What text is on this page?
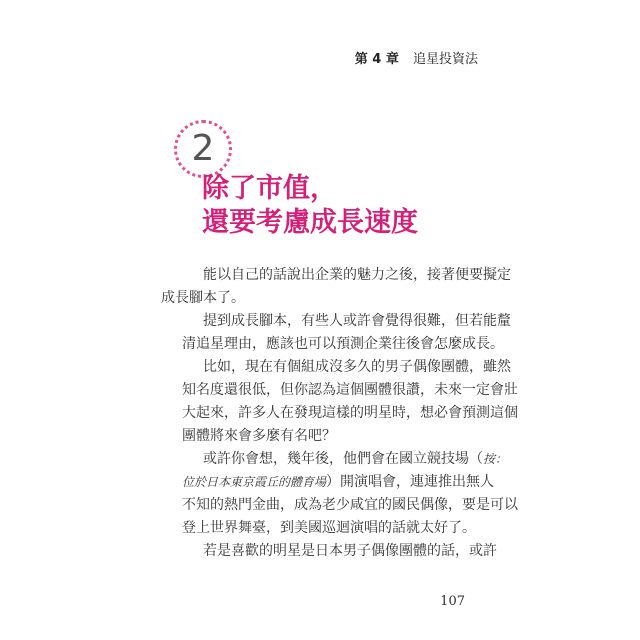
第 4 章 追星投資法
2
除了市值，
還要考慮成長速度

能以自己的話說出企業的魅力之後，接著便要擬定
成長腳本了。

提到成長腳本，有些人或許會覺得很難，但若能釐
清追星理由，應該也可以預測企業往後會怎麼成長。

比如，現在有個組成沒多久的男子偶像團體，雖然
知名度還很低，但你認為這個團體很讚，未來一定會壯
大起來，許多人在發現這樣的明星時，想必會預測這個
團體將來會多麼有名吧？

或許你會想，幾年後，他們會在國立競技場（按：
位於日本東京霞丘的體育場）開演唱會，連連推出無人
不知的熱門金曲，成為老少咸宜的國民偶像，要是可以
登上世界舞臺，到美國巡迴演唱的話就太好了。

若是喜歡的明星是日本男子偶像團體的話，或許

107
